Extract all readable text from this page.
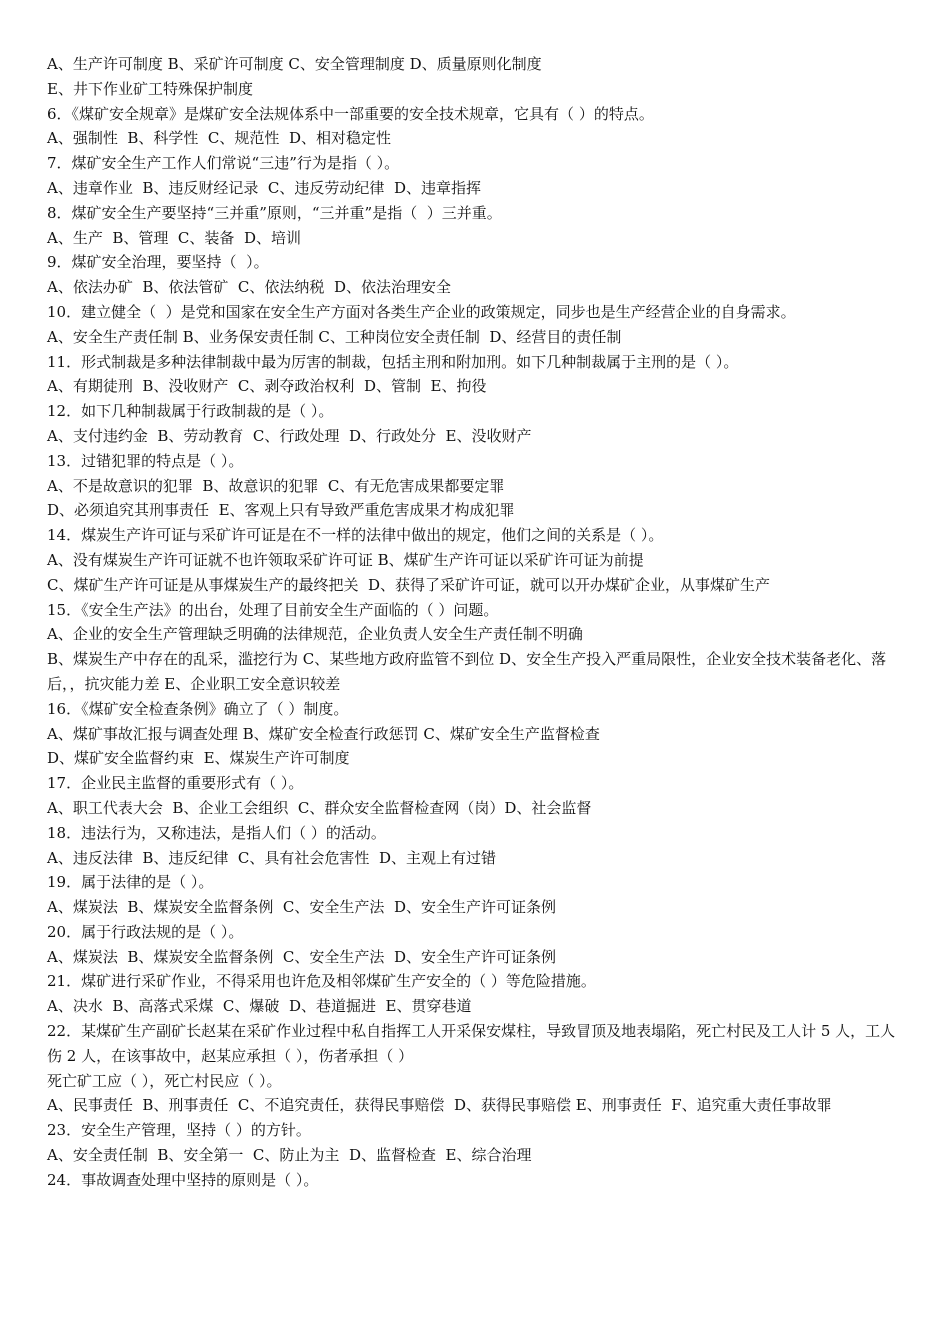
A、生产许可制度 B、采矿许可制度 C、安全管理制度 D、质量原则化制度

E、井下作业矿工特殊保护制度

6．《煤矿安全规章》是煤矿安全法规体系中一部重要的安全技术规章，它具有（ ）的特点。

A、强制性  B、科学性  C、规范性  D、相对稳定性

7．煤矿安全生产工作人们常说“三违”行为是指（ ）。

A、违章作业  B、违反财经记录  C、违反劳动纪律  D、违章指挥

8．煤矿安全生产要坚持“三并重”原则，“三并重”是指（  ）三并重。

A、生产  B、管理  C、装备  D、培训

9．煤矿安全治理，要坚持（  ）。

A、依法办矿  B、依法管矿  C、依法纳税  D、依法治理安全

10．建立健全（  ）是党和国家在安全生产方面对各类生产企业的政策规定，同步也是生产经营企业的自身需求。

A、安全生产责任制 B、业务保安责任制 C、工种岗位安全责任制  D、经营目的责任制

11．形式制裁是多种法律制裁中最为厉害的制裁，包括主刑和附加刑。如下几种制裁属于主刑的是（ ）。

A、有期徒刑  B、没收财产  C、剥夺政治权利  D、管制  E、拘役

12．如下几种制裁属于行政制裁的是（ ）。

A、支付违约金  B、劳动教育  C、行政处理  D、行政处分  E、没收财产

13．过错犯罪的特点是（ ）。

A、不是故意识的犯罪  B、故意识的犯罪  C、有无危害成果都要定罪

D、必须追究其刑事责任  E、客观上只有导致严重危害成果才构成犯罪

14．煤炭生产许可证与采矿许可证是在不一样的法律中做出的规定，他们之间的关系是（ ）。

A、没有煤炭生产许可证就不也许领取采矿许可证 B、煤矿生产许可证以采矿许可证为前提

C、煤矿生产许可证是从事煤炭生产的最终把关  D、获得了采矿许可证，就可以开办煤矿企业，从事煤矿生产

15．《安全生产法》的出台，处理了目前安全生产面临的（ ）问题。

A、企业的安全生产管理缺乏明确的法律规范，企业负责人安全生产责任制不明确

B、煤炭生产中存在的乱采，滥挖行为 C、某些地方政府监管不到位 D、安全生产投入严重局限性，企业安全技术装备老化、落后，，抗灾能力差 E、企业职工安全意识较差

16．《煤矿安全检查条例》确立了（ ）制度。

A、煤矿事故汇报与调查处理 B、煤矿安全检查行政惩罚 C、煤矿安全生产监督检查

D、煤矿安全监督约束  E、煤炭生产许可制度

17．企业民主监督的重要形式有（ ）。

A、职工代表大会  B、企业工会组织  C、群众安全监督检查网（岗）D、社会监督

18．违法行为，又称违法，是指人们（ ）的活动。

A、违反法律  B、违反纪律  C、具有社会危害性  D、主观上有过错

19．属于法律的是（ ）。

A、煤炭法  B、煤炭安全监督条例  C、安全生产法  D、安全生产许可证条例

20．属于行政法规的是（ ）。

A、煤炭法  B、煤炭安全监督条例  C、安全生产法  D、安全生产许可证条例

21．煤矿进行采矿作业，不得采用也许危及相邻煤矿生产安全的（ ）等危险措施。

A、决水  B、高落式采煤  C、爆破  D、巷道掘进  E、贯穿巷道

22．某煤矿生产副矿长赵某在采矿作业过程中私自指挥工人开采保安煤柱，导致冒顶及地表塌陷，死亡村民及工人计 5 人，工人伤 2 人，在该事故中，赵某应承担（ ），伤者承担（ ）

死亡矿工应（ ），死亡村民应（ ）。

A、民事责任  B、刑事责任  C、不追究责任，获得民事赔偿  D、获得民事赔偿 E、刑事责任  F、追究重大责任事故罪

23．安全生产管理，坚持（ ）的方针。

A、安全责任制  B、安全第一  C、防止为主  D、监督检查  E、综合治理

24．事故调查处理中坚持的原则是（ ）。
